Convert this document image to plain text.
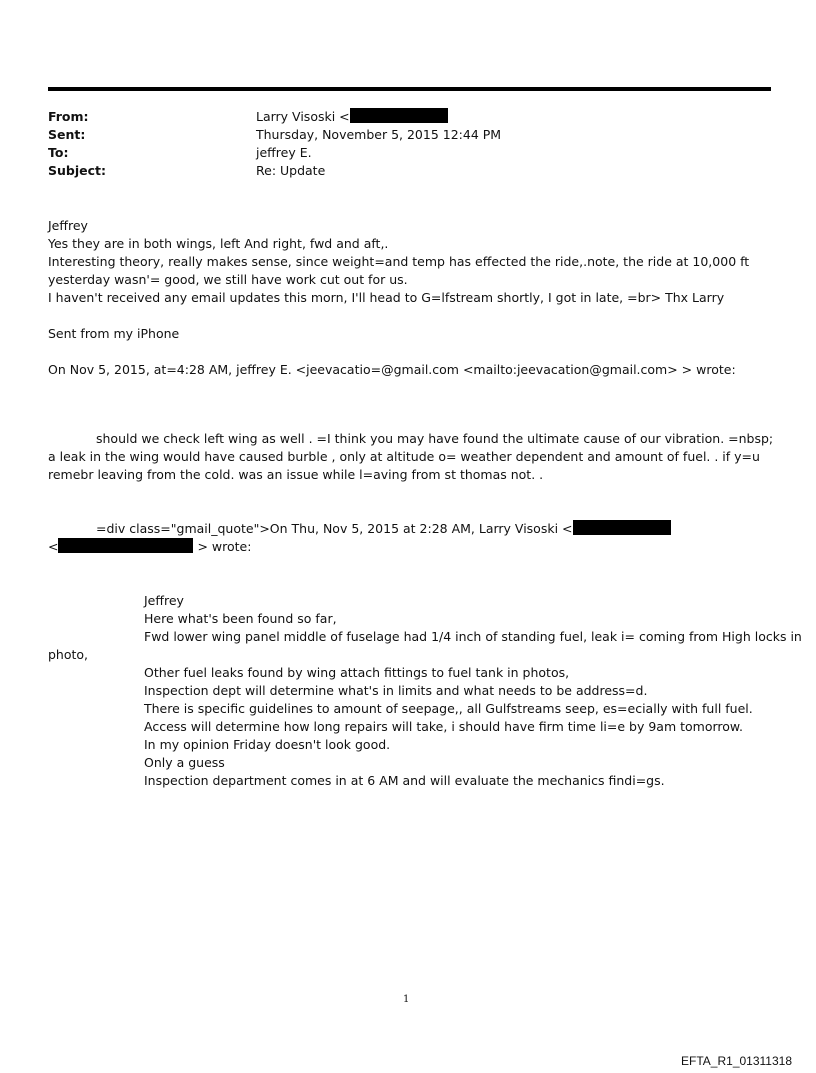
From:	Larry Visoski <
Sent:	Thursday, November 5, 2015 12:44 PM
To:	jeffrey E.
Subject:	Re: Update
Jeffrey
Yes they are in both wings, left And right, fwd and aft,.
Interesting theory, really makes sense, since weight=and temp has effected the ride,.note, the ride at 10,000 ft
yesterday wasn'= good, we still have work cut out for us.
I haven't received any email updates this morn, I'll head to G=lfstream shortly, I got in late, =br> Thx Larry

Sent from my iPhone

On Nov 5, 2015, at=4:28 AM, jeffrey E. <jeevacatio=@gmail.com <mailto:jeevacation@gmail.com> > wrote:
should we check left wing as well . =I think you may have found the ultimate cause of our vibration. =nbsp; a leak in the wing would have caused burble , only at altitude o= weather dependent and amount of fuel. . if y=u remebr leaving from the cold. was an issue while l=aving from st thomas not. .
=div class="gmail_quote">On Thu, Nov 5, 2015 at 2:28 AM, Larry Visoski <
<	> wrote:
Jeffrey
Here what's been found so far,
Fwd lower wing panel middle of fuselage had 1/4 inch of standing fuel, leak i= coming from High locks in
photo,
Other fuel leaks found by wing attach fittings to fuel tank in photos,
Inspection dept will determine what's in limits and what needs to be address=d.
There is specific guidelines to amount of seepage,, all Gulfstreams seep, es=ecially with full fuel.
Access will determine how long repairs will take, i should have firm time li=e by 9am tomorrow.
In my opinion Friday doesn't look good.
Only a guess
Inspection department comes in at 6 AM and will evaluate the mechanics findi=gs.
1
EFTA_R1_01311318
